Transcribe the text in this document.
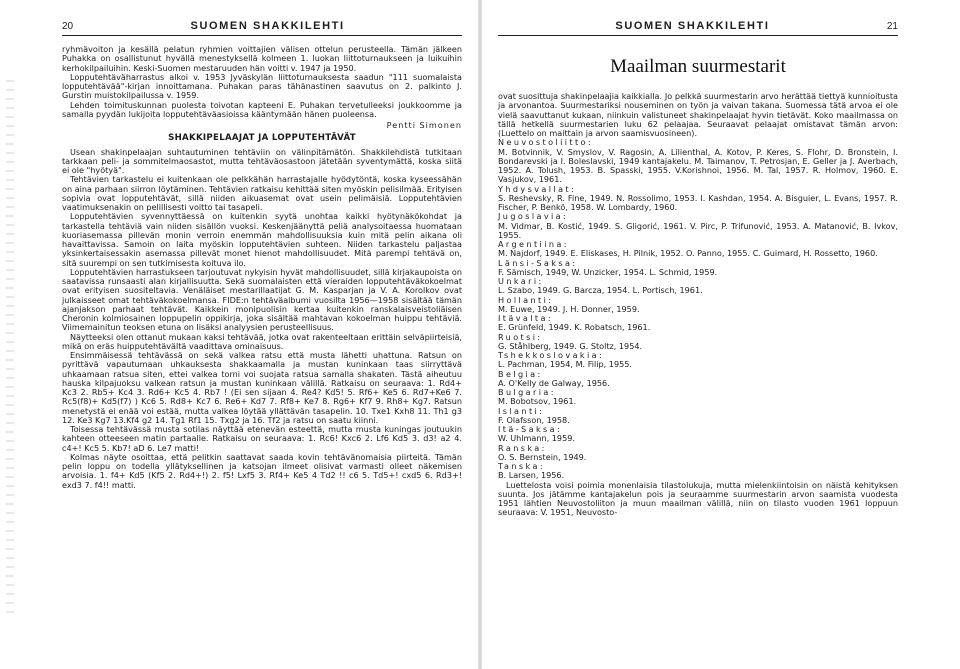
20	SUOMEN SHAKKILEHTI

ryhmävoiton ja kesällä pelatun ryhmien voittajien välisen ottelun perusteella. Tämän jälkeen Puhakka on osallistunut hyvällä menestyksellä kolmeen 1. luokan liittoturnaukseen ja luikuihin kerhokilpailuihin. Keski-Suomen mestaruuden hän voitti v. 1947 ja 1950.

Lopputehtäväharrastus alkoi v. 1953 Jyväskylän liittoturnauksesta saadun "111 suomalaista lopputehtävää"-kirjan innoittamana. Puhakan paras tähänastinen saavutus on 2. palkinto J. Gurstin muistokilpailussa v. 1959.

Lehden toimituskunnan puolesta toivotan kapteeni E. Puhakan tervetulleeksi joukkoomme ja samalla pyydän lukijoita lopputehtäväasioissa kääntymään hänen puoleensa.

Pentti Simonen
SHAKKIPELAAJAT JA LOPPUTEHTÄVÄT

Usean shakinpelaajan suhtautuminen tehtäviin on välinpitämätön. Shakkilehdistä tutkitaan tarkkaan peli- ja sommitelmaosastot, mutta tehtäväosastoon jätetään syventymättä, koska siitä ei ole "hyötyä".

Tehtävien tarkastelu ei kuitenkaan ole pelkkähän harrastajalle hyödytöntä, koska kyseessähän on aina parhaan siirron löytäminen. Tehtävien ratkaisu kehittää siten myöskin pelisilmää. Erityisen sopivia ovat lopputehtävät, sillä niiden aikuasemat ovat usein pelimäisiä. Lopputehtävien vaatimuksenakin on pelillisesti voitto tai tasapeli.

Lopputehtävien syvennyttäessä on kuitenkin syytä unohtaa kaikki hyötynäkökohdat ja tarkastella tehtäviä vain niiden sisällön vuoksi. Keskenjäänyttä peliä analysoitaessa huomataan kuoriasemassa pillevän monin verroin enemmän mahdollisuuksia kuin mitä pelin aikana oli havaittavissa. Samoin on laita myöskin lopputehtävien suhteen. Niiden tarkastelu paljastaa yksinkertaisessakin asemassa pillevät monet hienot mahdollisuudet. Mitä parempi tehtävä on, sitä suurempi on sen tutkimisesta koituva ilo.

Lopputehtävien harrastukseen tarjoutuvat nykyisin hyvät mahdollisuudet, sillä kirjakaupoista on saatavissa runsaasti alan kirjallisuutta. Sekä suomalaisten että vieraiden lopputehtäväkokoelmat ovat erityisen suositeltavia. Venäläiset mestarillaatijat G. M. Kasparjan ja V. A. Korolkov ovat julkaisseet omat tehtäväkokoelmansa. FIDE:n tehtäväalbumi vuosilta 1956—1958 sisältää tämän ajanjakson parhaat tehtävät. Kaikkein monipuolisin kertaa kuitenkin ranskalaisveistoliäisen Cheronin kolmiosainen loppupelin oppikirja, joka sisältää mahtavan kokoelman huippu tehtäviä. Viimemainitun teoksen etuna on lisäksi analyysien perusteellisuus.

Näytteeksi olen ottanut mukaan kaksi tehtävää, jotka ovat rakenteeltaan erittäin selväpiirteisiä, mikä on eräs huipputehtävältä vaadittava ominaisuus.

Ensimmäisessä tehtävässä on sekä valkea ratsu että musta lähetti uhattuna. Ratsun on pyrittävä vapautumaan uhkauksesta shakkaamalla ja mustan kuninkaan taas siirryttävä uhkaamaan ratsua siten, ettei valkea torni voi suojata ratsua samalla shakaten. Tästä aiheutuu hauska kilpajuoksu valkean ratsun ja mustan kuninkaan välillä. Ratkaisu on seuraava: 1. Rd4+ Kc3 2. Rb5+ Kc4 3. Rd6+ Kc5 4. Rb7 ! (Ei sen sijaan 4. Re4? Kd5! 5. Rf6+ Ke5 6. Rd7+Ke6 7. Rc5(f8)+ Kd5(f7) ) Kc6 5. Rd8+ Kc7 6. Re6+ Kd7 7. Rf8+ Ke7 8. Rg6+ Kf7 9. Rh8+ Kg7. Ratsun menetystä ei enää voi estää, mutta valkea löytää yllättävän tasapelin. 10. Txe1 Kxh8 11. Th1 g3 12. Ke3 Kg7 13.Kf4 g2 14. Tg1 Rf1 15. Txg2 ja 16. Tf2 ja ratsu on saatu kiinni.

Toisessa tehtävässä musta sotilas näyttää etenevän esteettä, mutta musta kuningas joutuukin kahteen otteeseen matin partaalle. Ratkaisu on seuraava: 1. Rc6! Kxc6 2. Lf6 Kd5 3. d3! a2 4. c4+! Kc5 5. Kb7! aD 6. Le7 matti!

Kolmas näyte osoittaa, että pelitkin saattavat saada kovin tehtävänomaisia piirteitä. Tämän pelin loppu on todella yllätyksellinen ja katsojan ilmeet olisivat varmasti olleet näkemisen arvoisia. 1. f4+ Kd5 (Kf5 2. Rd4+!) 2. f5! Lxf5 3. Rf4+ Ke5 4 Td2 !! c6 5. Td5+! cxd5 6. Rd3+! exd3 7. f4!! matti.

SUOMEN SHAKKILEHTI	21
Maailman suurmestarit

ovat suosittuja shakinpelaajia kaikkialla. Jo pelkkä suurmestarin arvo herättää tiettyä kunnioitusta ja arvonantoa. Suurmestariksi nouseminen on työn ja vaivan takana. Suomessa tätä arvoa ei ole vielä saavuttanut kukaan, niinkuin valistuneet shakinpelaajat hyvin tietävät. Koko maailmassa on tällä hetkellä suurmestarien luku 62 pelaajaa. Seuraavat pelaajat omistavat tämän arvon: (Luettelo on maittain ja arvon saamisvuosineen).

Neuvostoliitto:

M. Botvinnik, V. Smyslov, V. Ragosin, A. Lilienthal, A. Kotov, P. Keres, S. Flohr, D. Bronstein, I. Bondarevski ja I. Boleslavski, 1949 kantajakelu. M. Taimanov, T. Petrosjan, E. Geller ja J. Averbach, 1952. A. Tolush, 1953. B. Spasski, 1955. V.Korishnoi, 1956. M. Tal, 1957. R. Holmov, 1960. E. Vasjukov, 1961.

Yhdysvallat:

S. Reshevsky, R. Fine, 1949. N. Rossolimo, 1953. I. Kashdan, 1954. A. Bisguier, L. Evans, 1957. R. Fischer, P. Benkö, 1958. W. Lombardy, 1960.

Jugoslavia:

M. Vidmar, B. Kostić, 1949. S. Gligorić, 1961. V. Pirc, P. Trifunović, 1953. A. Matanović, B. Ivkov, 1955.

Argentiina:

M. Najdorf, 1949. E. Eliskases, H. Pilnik, 1952. O. Panno, 1955. C. Guimard, H. Rossetto, 1960.

Länsi-Saksa:

F. Sämisch, 1949, W. Unzicker, 1954. L. Schmid, 1959.

Unkari:

L. Szabo, 1949. G. Barcza, 1954. L. Portisch, 1961.

Hollanti:

M. Euwe, 1949. J. H. Donner, 1959.

Itävalta:

E. Grünfeld, 1949. K. Robatsch, 1961.

Ruotsi:

G. Ståhlberg, 1949. G. Stoltz, 1954.

Tshekkoslovakia:

L. Pachman, 1954, M. Filip, 1955.

Belgia:

A. O'Kelly de Galway, 1956.

Bulgaria:

M. Bobotsov, 1961.

Islanti:

F. Olafsson, 1958.

Itä-Saksa:

W. Uhlmann, 1959.

Ranska:

O. S. Bernstein, 1949.

Tanska:

B. Larsen, 1956.

Luettelosta voisi poimia monenlaisia tilastolukuja, mutta mielenkiintoisin on näistä kehityksen suunta. Jos jätämme kantajakelun pois ja seuraamme suurmestarin arvon saamista vuodesta 1951 lähtien Neuvostoliiton ja muun maailman välillä, niin on tilasto vuoden 1961 loppuun seuraava: V. 1951, Neuvosto-
